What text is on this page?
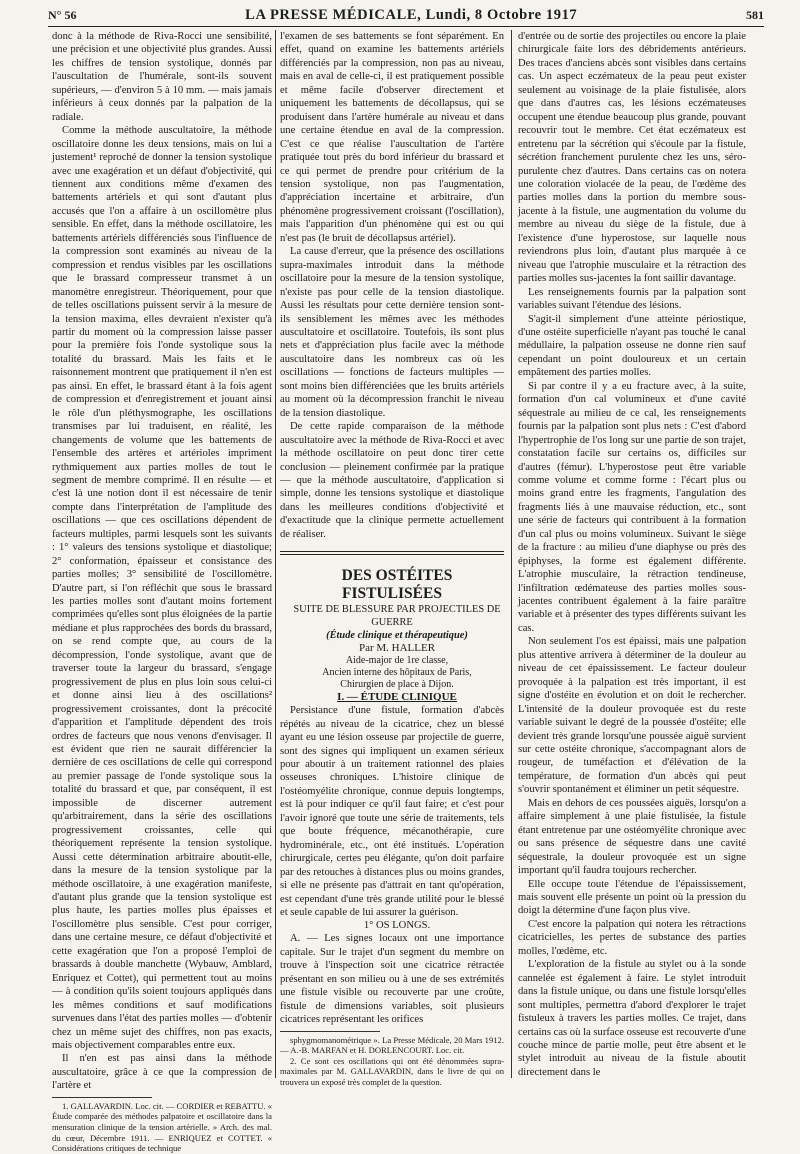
N° 56	LA PRESSE MÉDICALE, Lundi, 8 Octobre 1917	581

donc à la méthode de Riva-Rocci une sensibilité, une précision et une objectivité plus grandes. Aussi les chiffres de tension systolique, donnés par l'auscultation de l'humérale, sont-ils souvent supérieurs, — d'environ 5 à 10 mm. — mais jamais inférieurs à ceux donnés par la palpation de la radiale.

Comme la méthode auscultatoire, la méthode oscillatoire donne les deux tensions, mais on lui a justement¹ reproché de donner la tension systolique avec une exagération et un défaut d'objectivité, qui tiennent aux conditions même d'examen des battements artériels et qui sont d'autant plus accusés que l'on a affaire à un oscillomètre plus sensible. En effet, dans la méthode oscillatoire, les battements artériels différenciés sous l'influence de la compression sont examinés au niveau de la compression et rendus visibles par les oscillations que le brassard compresseur transmet à un manomètre enregistreur. Théoriquement, pour que de telles oscillations puissent servir à la mesure de la tension maxima, elles devraient n'exister qu'à partir du moment où la compression laisse passer pour la première fois l'onde systolique sous la totalité du brassard. Mais les faits et le raisonnement montrent que pratiquement il n'en est pas ainsi. En effet, le brassard étant à la fois agent de compression et d'enregistrement et jouant ainsi le rôle d'un pléthysmographe, les oscillations transmises par lui traduisent, en réalité, les changements de volume que les battements de l'ensemble des artères et artérioles impriment rythmiquement aux parties molles de tout le segment de membre comprimé. Il en résulte — et c'est là une notion dont il est nécessaire de tenir compte dans l'interprétation de l'amplitude des oscillations — que ces oscillations dépendent de facteurs multiples, parmi lesquels sont les suivants : 1° valeurs des tensions systolique et diastolique; 2° conformation, épaisseur et consistance des parties molles; 3° sensibilité de l'oscillomètre. D'autre part, si l'on réfléchit que sous le brassard les parties molles sont d'autant moins fortement comprimées qu'elles sont plus éloignées de la partie médiane et plus rapprochées des bords du brassard, on se rend compte que, au cours de la décompression, l'onde systolique, avant que de traverser toute la largeur du brassard, s'engage progressivement de plus en plus loin sous celui-ci et donne ainsi lieu à des oscillations² progressivement croissantes, dont la précocité d'apparition et l'amplitude dépendent des trois ordres de facteurs que nous venons d'envisager. Il est évident que rien ne saurait différencier la dernière de ces oscillations de celle qui correspond au premier passage de l'onde systolique sous la totalité du brassard et que, par conséquent, il est impossible de discerner autrement qu'arbitrairement, dans la série des oscillations progressivement croissantes, celle qui théoriquement représente la tension systolique. Aussi cette détermination arbitraire aboutit-elle, dans la mesure de la tension systolique par la méthode oscillatoire, à une exagération manifeste, d'autant plus grande que la tension systolique est plus haute, les parties molles plus épaisses et l'oscillomètre plus sensible. C'est pour corriger, dans une certaine mesure, ce défaut d'objectivité et cette exagération que l'on a proposé l'emploi de brassards à double manchette (Wybauw, Amblard, Enriquez et Cottet), qui permettent tout au moins — à condition qu'ils soient toujours appliqués dans les mêmes conditions et sauf modifications survenues dans l'état des parties molles — d'obtenir chez un même sujet des chiffres, non pas exacts, mais objectivement comparables entre eux.

Il n'en est pas ainsi dans la méthode auscultatoire, grâce à ce que la compression de l'artère et

1. GALLAVARDIN. Loc. cit. — CORDIER et REBATTU. « Étude comparée des méthodes palpatoire et oscillatoire dans la mensuration clinique de la tension artérielle. » Arch. des mal. du cœur, Décembre 1911. — ENRIQUEZ et COTTET. « Considérations critiques de technique

l'examen de ses battements se font séparément. En effet, quand on examine les battements artériels différenciés par la compression, non pas au niveau, mais en aval de celle-ci, il est pratiquement possible et même facile d'observer directement et uniquement les battements de décollapsus, qui se produisent dans l'artère humérale au niveau et dans une certaine étendue en aval de la compression. C'est ce que réalise l'auscultation de l'artère pratiquée tout près du bord inférieur du brassard et ce qui permet de prendre pour critérium de la tension systolique, non pas l'augmentation, d'appréciation incertaine et arbitraire, d'un phénomène progressivement croissant (l'oscillation), mais l'apparition d'un phénomène qui est ou qui n'est pas (le bruit de décollapsus artériel).

La cause d'erreur, que la présence des oscillations supra-maximales introduit dans la méthode oscillatoire pour la mesure de la tension systolique, n'existe pas pour celle de la tension diastolique. Aussi les résultats pour cette dernière tension sont-ils sensiblement les mêmes avec les méthodes auscultatoire et oscillatoire. Toutefois, ils sont plus nets et d'appréciation plus facile avec la méthode auscultatoire dans les nombreux cas où les oscillations — fonctions de facteurs multiples — sont moins bien différenciées que les bruits artériels au moment où la décompression franchit le niveau de la tension diastolique.

De cette rapide comparaison de la méthode auscultatoire avec la méthode de Riva-Rocci et avec la méthode oscillatoire on peut donc tirer cette conclusion — pleinement confirmée par la pratique — que la méthode auscultatoire, d'application si simple, donne les tensions systolique et diastolique dans les meilleures conditions d'objectivité et d'exactitude que la clinique permette actuellement de réaliser.

DES OSTÉITES FISTULISÉES

SUITE DE BLESSURE PAR PROJECTILES DE GUERRE

(Étude clinique et thérapeutique)

Par M. HALLER

Aide-major de 1re classe,

Ancien interne des hôpitaux de Paris,

Chirurgien de place à Dijon.

I. — ÉTUDE CLINIQUE

Persistance d'une fistule, formation d'abcès répétés au niveau de la cicatrice, chez un blessé ayant eu une lésion osseuse par projectile de guerre, sont des signes qui impliquent un examen sérieux pour aboutir à un traitement rationnel des plaies osseuses chroniques. L'histoire clinique de l'ostéomyélite chronique, connue depuis longtemps, est là pour indiquer ce qu'il faut faire; et c'est pour l'avoir ignoré que toute une série de traitements, tels que boute fréquence, mécanothérapie, cure hydrominérale, etc., ont été institués. L'opération chirurgicale, certes peu élégante, qu'on doit parfaire par des retouches à distances plus ou moins grandes, si elle ne présente pas d'attrait en tant qu'opération, est cependant d'une très grande utilité pour le blessé et seule capable de lui assurer la guérison.

1° OS LONGS.

A. — Les signes locaux ont une importance capitale. Sur le trajet d'un segment du membre on trouve à l'inspection soit une cicatrice rétractée présentant en son milieu ou à une de ses extrémités une fistule visible ou recouverte par une croûte, fistule de dimensions variables, soit plusieurs cicatrices représentant les orifices

sphygmomanométrique ». La Presse Médicale, 20 Mars 1912. — A.-B. MARFAN et H. DORLENCOURT. Loc. cit.

2. Ce sont ces oscillations qui ont été dénommées supra-maximales par M. GALLAVARDIN, dans le livre de qui on trouvera un exposé très complet de la question.

d'entrée ou de sortie des projectiles ou encore la plaie chirurgicale faite lors des débridements antérieurs. Des traces d'anciens abcès sont visibles dans certains cas. Un aspect eczémateux de la peau peut exister seulement au voisinage de la plaie fistulisée, alors que dans d'autres cas, les lésions eczémateuses occupent une étendue beaucoup plus grande, pouvant recouvrir tout le membre. Cet état eczémateux est entretenu par la sécrétion qui s'écoule par la fistule, sécrétion franchement purulente chez les uns, séro-purulente chez d'autres. Dans certains cas on notera une coloration violacée de la peau, de l'œdème des parties molles dans la portion du membre sous-jacente à la fistule, une augmentation du volume du membre au niveau du siège de la fistule, due à l'existence d'une hyperostose, sur laquelle nous reviendrons plus loin, d'autant plus marquée à ce niveau que l'atrophie musculaire et la rétraction des parties molles sus-jacentes la font saillir davantage.

Les renseignements fournis par la palpation sont variables suivant l'étendue des lésions.

S'agit-il simplement d'une atteinte périostique, d'une ostéite superficielle n'ayant pas touché le canal médullaire, la palpation osseuse ne donne rien sauf cependant un point douloureux et un certain empâtement des parties molles.

Si par contre il y a eu fracture avec, à la suite, formation d'un cal volumineux et d'une cavité séquestrale au milieu de ce cal, les renseignements fournis par la palpation sont plus nets : C'est d'abord l'hypertrophie de l'os long sur une partie de son trajet, constatation facile sur certains os, difficiles sur d'autres (fémur). L'hyperostose peut être variable comme volume et comme forme : l'écart plus ou moins grand entre les fragments, l'angulation des fragments liés à une mauvaise réduction, etc., sont une série de facteurs qui contribuent à la formation d'un cal plus ou moins volumineux. Suivant le siège de la fracture : au milieu d'une diaphyse ou près des épiphyses, la forme est également différente. L'atrophie musculaire, la rétraction tendineuse, l'infiltration œdémateuse des parties molles sous-jacentes contribuent également à la faire paraître variable et à présenter des types différents suivant les cas.

Non seulement l'os est épaissi, mais une palpation plus attentive arrivera à déterminer de la douleur au niveau de cet épaississement. Le facteur douleur provoquée à la palpation est très important, il est signe d'ostéite en évolution et on doit le rechercher. L'intensité de la douleur provoquée est du reste variable suivant le degré de la poussée d'ostéite; elle devient très grande lorsqu'une poussée aiguë survient sur cette ostéite chronique, s'accompagnant alors de rougeur, de tuméfaction et d'élévation de la température, de formation d'un abcès qui peut s'ouvrir spontanément et éliminer un petit séquestre.

Mais en dehors de ces poussées aiguës, lorsqu'on a affaire simplement à une plaie fistulisée, la fistule étant entretenue par une ostéomyélite chronique avec ou sans présence de séquestre dans une cavité séquestrale, la douleur provoquée est un signe important qu'il faudra toujours rechercher.

Elle occupe toute l'étendue de l'épaississement, mais souvent elle présente un point où la pression du doigt la détermine d'une façon plus vive.

C'est encore la palpation qui notera les rétractions cicatricielles, les pertes de substance des parties molles, l'œdème, etc.

L'exploration de la fistule au stylet ou à la sonde cannelée est également à faire. Le stylet introduit dans la fistule unique, ou dans une fistule lorsqu'elles sont multiples, permettra d'abord d'explorer le trajet fistuleux à travers les parties molles. Ce trajet, dans certains cas où la surface osseuse est recouverte d'une couche mince de partie molle, peut être absent et le stylet introduit au niveau de la fistule aboutit directement dans le
